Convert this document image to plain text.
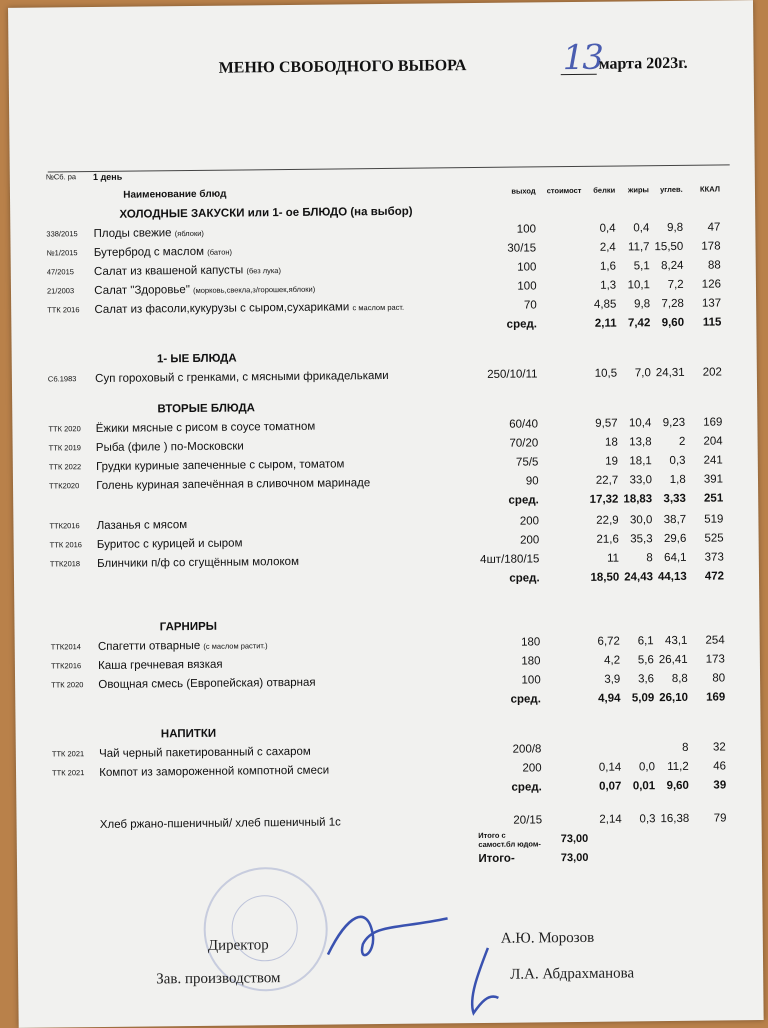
МЕНЮ СВОБОДНОГО ВЫБОРА	13
марта 2023г.
№Сб. ра	1 день						
	Наименование блюд	выход	стоимост	белки	жиры	углев.	ККАЛ
	ХОЛОДНЫЕ ЗАКУСКИ или 1- ое БЛЮДО (на выбор)						
338/2015	Плоды свежие (яблоки)	100		0,4	0,4	9,8	47
№1/2015	Бутерброд с маслом (батон)	30/15		2,4	11,7	15,50	178
47/2015	Салат из квашеной капусты (без лука)	100		1,6	5,1	8,24	88
21/2003	Салат "Здоровье" (морковь,свекла,з/горошек,яблоки)	100		1,3	10,1	7,2	126
ТТК 2016	Салат из фасоли,кукурузы с сыром,сухариками с маслом раст.	70		4,85	9,8	7,28	137
		сред.		2,11	7,42	9,60	115

	1- ЫЕ БЛЮДА						
Сб.1983	Суп гороховый с гренками, с мясными фрикадельками	250/10/11		10,5	7,0	24,31	202

	ВТОРЫЕ БЛЮДА						
ТТК 2020	Ёжики мясные с рисом в соусе томатном	60/40		9,57	10,4	9,23	169
ТТК 2019	Рыба (филе ) по-Московски	70/20		18	13,8	2	204
ТТК 2022	Грудки куриные запеченные с сыром, томатом	75/5		19	18,1	0,3	241
ТТК2020	Голень куриная запечённая в сливочном маринаде	90		22,7	33,0	1,8	391
		сред.		17,32	18,83	3,33	251

ТТК2016	Лазанья с мясом	200		22,9	30,0	38,7	519
ТТК 2016	Буритос с курицей и сыром	200		21,6	35,3	29,6	525
ТТК2018	Блинчики п/ф со сгущённым молоком	4шт/180/15		11	8	64,1	373
		сред.		18,50	24,43	44,13	472

	ГАРНИРЫ						
ТТК2014	Спагетти отварные (с маслом растит.)	180		6,72	6,1	43,1	254
ТТК2016	Каша гречневая вязкая	180		4,2	5,6	26,41	173
ТТК 2020	Овощная смесь (Европейская) отварная	100		3,9	3,6	8,8	80
		сред.		4,94	5,09	26,10	169

	НАПИТКИ						
ТТК 2021	Чай черный пакетированный с сахаром	200/8				8	32
ТТК 2021	Компот из замороженной компотной смеси	200		0,14	0,0	11,2	46
		сред.		0,07	0,01	9,60	39

	Хлеб ржано-пшеничный/ хлеб пшеничный 1с	20/15		2,14	0,3	16,38	79
		Итого с самост.бл юдом-	73,00				
		Итого-	73,00				
Директор	А.Ю. Морозов
Зав. производством	Л.А. Абдрахманова
